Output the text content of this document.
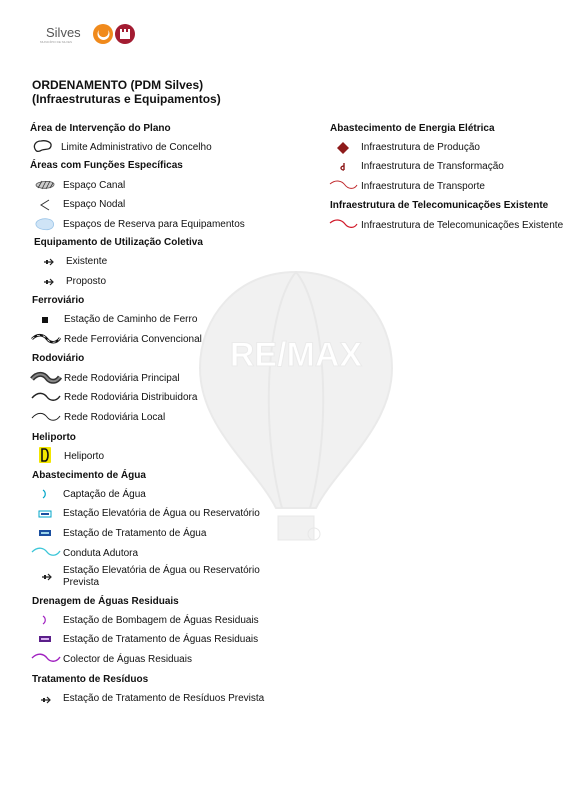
Silves
MUNICÍPIO DE SILVES
ORDENAMENTO (PDM Silves)
(Infraestruturas e Equipamentos)
RE/MAX
Área de Intervenção do Plano
Limite Administrativo de Concelho
Áreas com Funções Específicas
Espaço Canal
Espaço Nodal
Espaços de Reserva para Equipamentos
Equipamento de Utilização Coletiva
Existente
Proposto
Ferroviário
Estação de Caminho de Ferro
Rede Ferroviária Convencional
Rodoviário
Rede Rodoviária Principal
Rede Rodoviária Distribuidora
Rede Rodoviária Local
Heliporto
Heliporto
Abastecimento de Água
Captação de Água
Estação Elevatória de Água ou Reservatório
Estação de Tratamento de Água
Conduta Adutora
Estação Elevatória de Água ou Reservatório
Prevista
Drenagem de Águas Residuais
Estação de Bombagem de Águas Residuais
Estação de Tratamento de Águas Residuais
Colector de Águas Residuais
Tratamento de Resíduos
Estação de Tratamento de Resíduos Prevista
Abastecimento de Energia Elétrica
Infraestrutura de Produção
Infraestrutura de Transformação
Infraestrutura de Transporte
Infraestrutura de Telecomunicações Existente
Infraestrutura de Telecomunicações Existente
